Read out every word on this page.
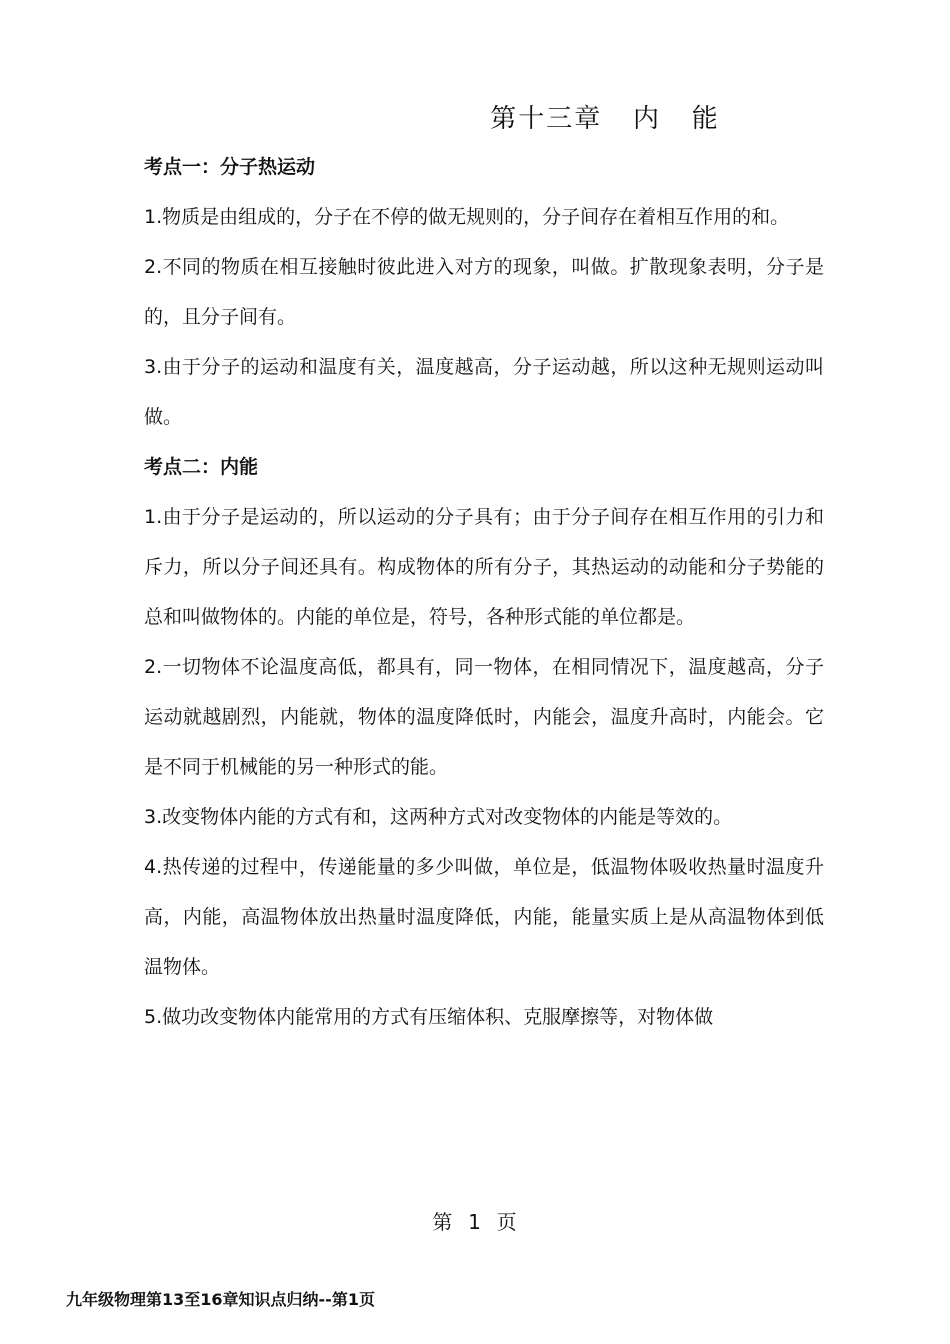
第十三章   内   能
考点一：分子热运动

1.物质是由组成的，分子在不停的做无规则的，分子间存在着相互作用的和。

2.不同的物质在相互接触时彼此进入对方的现象，叫做。扩散现象表明，分子是的，且分子间有。

3.由于分子的运动和温度有关，温度越高，分子运动越，所以这种无规则运动叫做。

考点二：内能

1.由于分子是运动的，所以运动的分子具有；由于分子间存在相互作用的引力和斥力，所以分子间还具有。构成物体的所有分子，其热运动的动能和分子势能的总和叫做物体的。内能的单位是，符号，各种形式能的单位都是。

2.一切物体不论温度高低，都具有，同一物体，在相同情况下，温度越高，分子运动就越剧烈，内能就，物体的温度降低时，内能会，温度升高时，内能会。它是不同于机械能的另一种形式的能。

3.改变物体内能的方式有和，这两种方式对改变物体的内能是等效的。

4.热传递的过程中，传递能量的多少叫做，单位是，低温物体吸收热量时温度升高，内能，高温物体放出热量时温度降低，内能，能量实质上是从高温物体到低温物体。

5.做功改变物体内能常用的方式有压缩体积、克服摩擦等，对物体做

第  1  页
九年级物理第13至16章知识点归纳--第1页
